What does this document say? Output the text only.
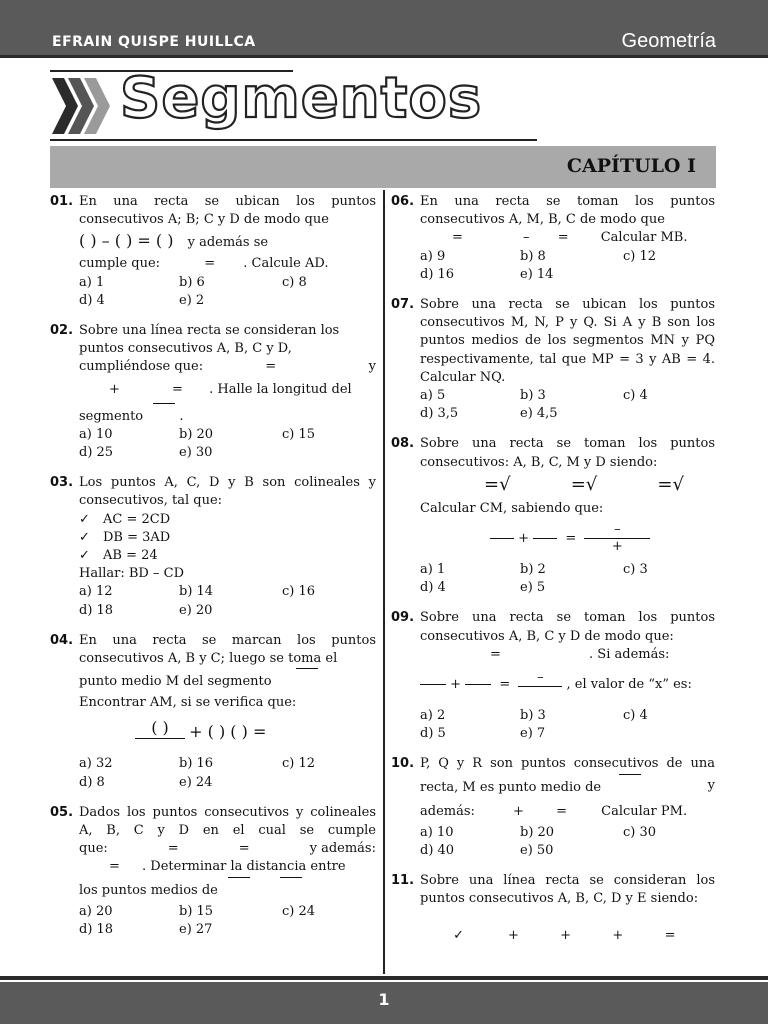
EFRAIN QUISPE HUILLCA	Geometría
Segmentos
CAPÍTULO I
01. En una recta se ubican los puntos consecutivos A; B; C y D de modo que

( ) – ( ) = ( ) y además se
cumple que:	= . Calcule AD.
a) 1	b) 6	c) 8
d) 4	e) 2
02. Sobre una línea recta se consideran los puntos consecutivos A, B, C y D, cumpliéndose que:	=	y
+	= . Halle la longitud del
segmento	.
a) 10	b) 20	c) 15
d) 25	e) 30
03. Los puntos A, C, D y B son colineales y consecutivos, tal que:

✓ AC = 2CD
✓ DB = 3AD
✓ AB = 24

Hallar: BD – CD

a) 12	b) 14	c) 16
d) 18	e) 20
04. En una recta se marcan los puntos consecutivos A, B y C; luego se toma el

punto medio M del segmento

Encontrar AM, si se verifica que:

( )	+ ( ) ( ) =
a) 32	b) 16	c) 12
d) 8	e) 24
05. Dados los puntos consecutivos y colineales A, B, C y D en el cual se cumple

que:	=	=	y además:
= . Determinar la distancia entre
los puntos medios de
a) 20	b) 15	c) 24
d) 18	e) 27
06. En una recta se toman los puntos consecutivos A, M, B, C de modo que

=	– = Calcular MB.
a) 9	b) 8	c) 12
d) 16	e) 14
07. Sobre una recta se ubican los puntos consecutivos M, N, P y Q. Si A y B son los puntos medios de los segmentos MN y PQ respectivamente, tal que MP = 3 y AB = 4. Calcular NQ.

a) 5	b) 3	c) 4
d) 3,5	e) 4,5
08. Sobre una recta se toman los puntos consecutivos: A, B, C, M y D siendo:

=√	=√	=√

Calcular CM, sabiendo que:

+	=
–
+
a) 1	b) 2	c) 3
d) 4	e) 5
09. Sobre una recta se toman los puntos consecutivos A, B, C y D de modo que:

=	. Si además:
+	=	–	, el valor de “x” es:
a) 2	b) 3	c) 4
d) 5	e) 7
10. P, Q y R son puntos consecutivos de una

recta, M es punto medio de	y
además:	+ =	Calcular PM.
a) 10	b) 20	c) 30
d) 40	e) 50
11. Sobre una línea recta se consideran los puntos consecutivos A, B, C, D y E siendo:

✓	+          +          +          =

1
